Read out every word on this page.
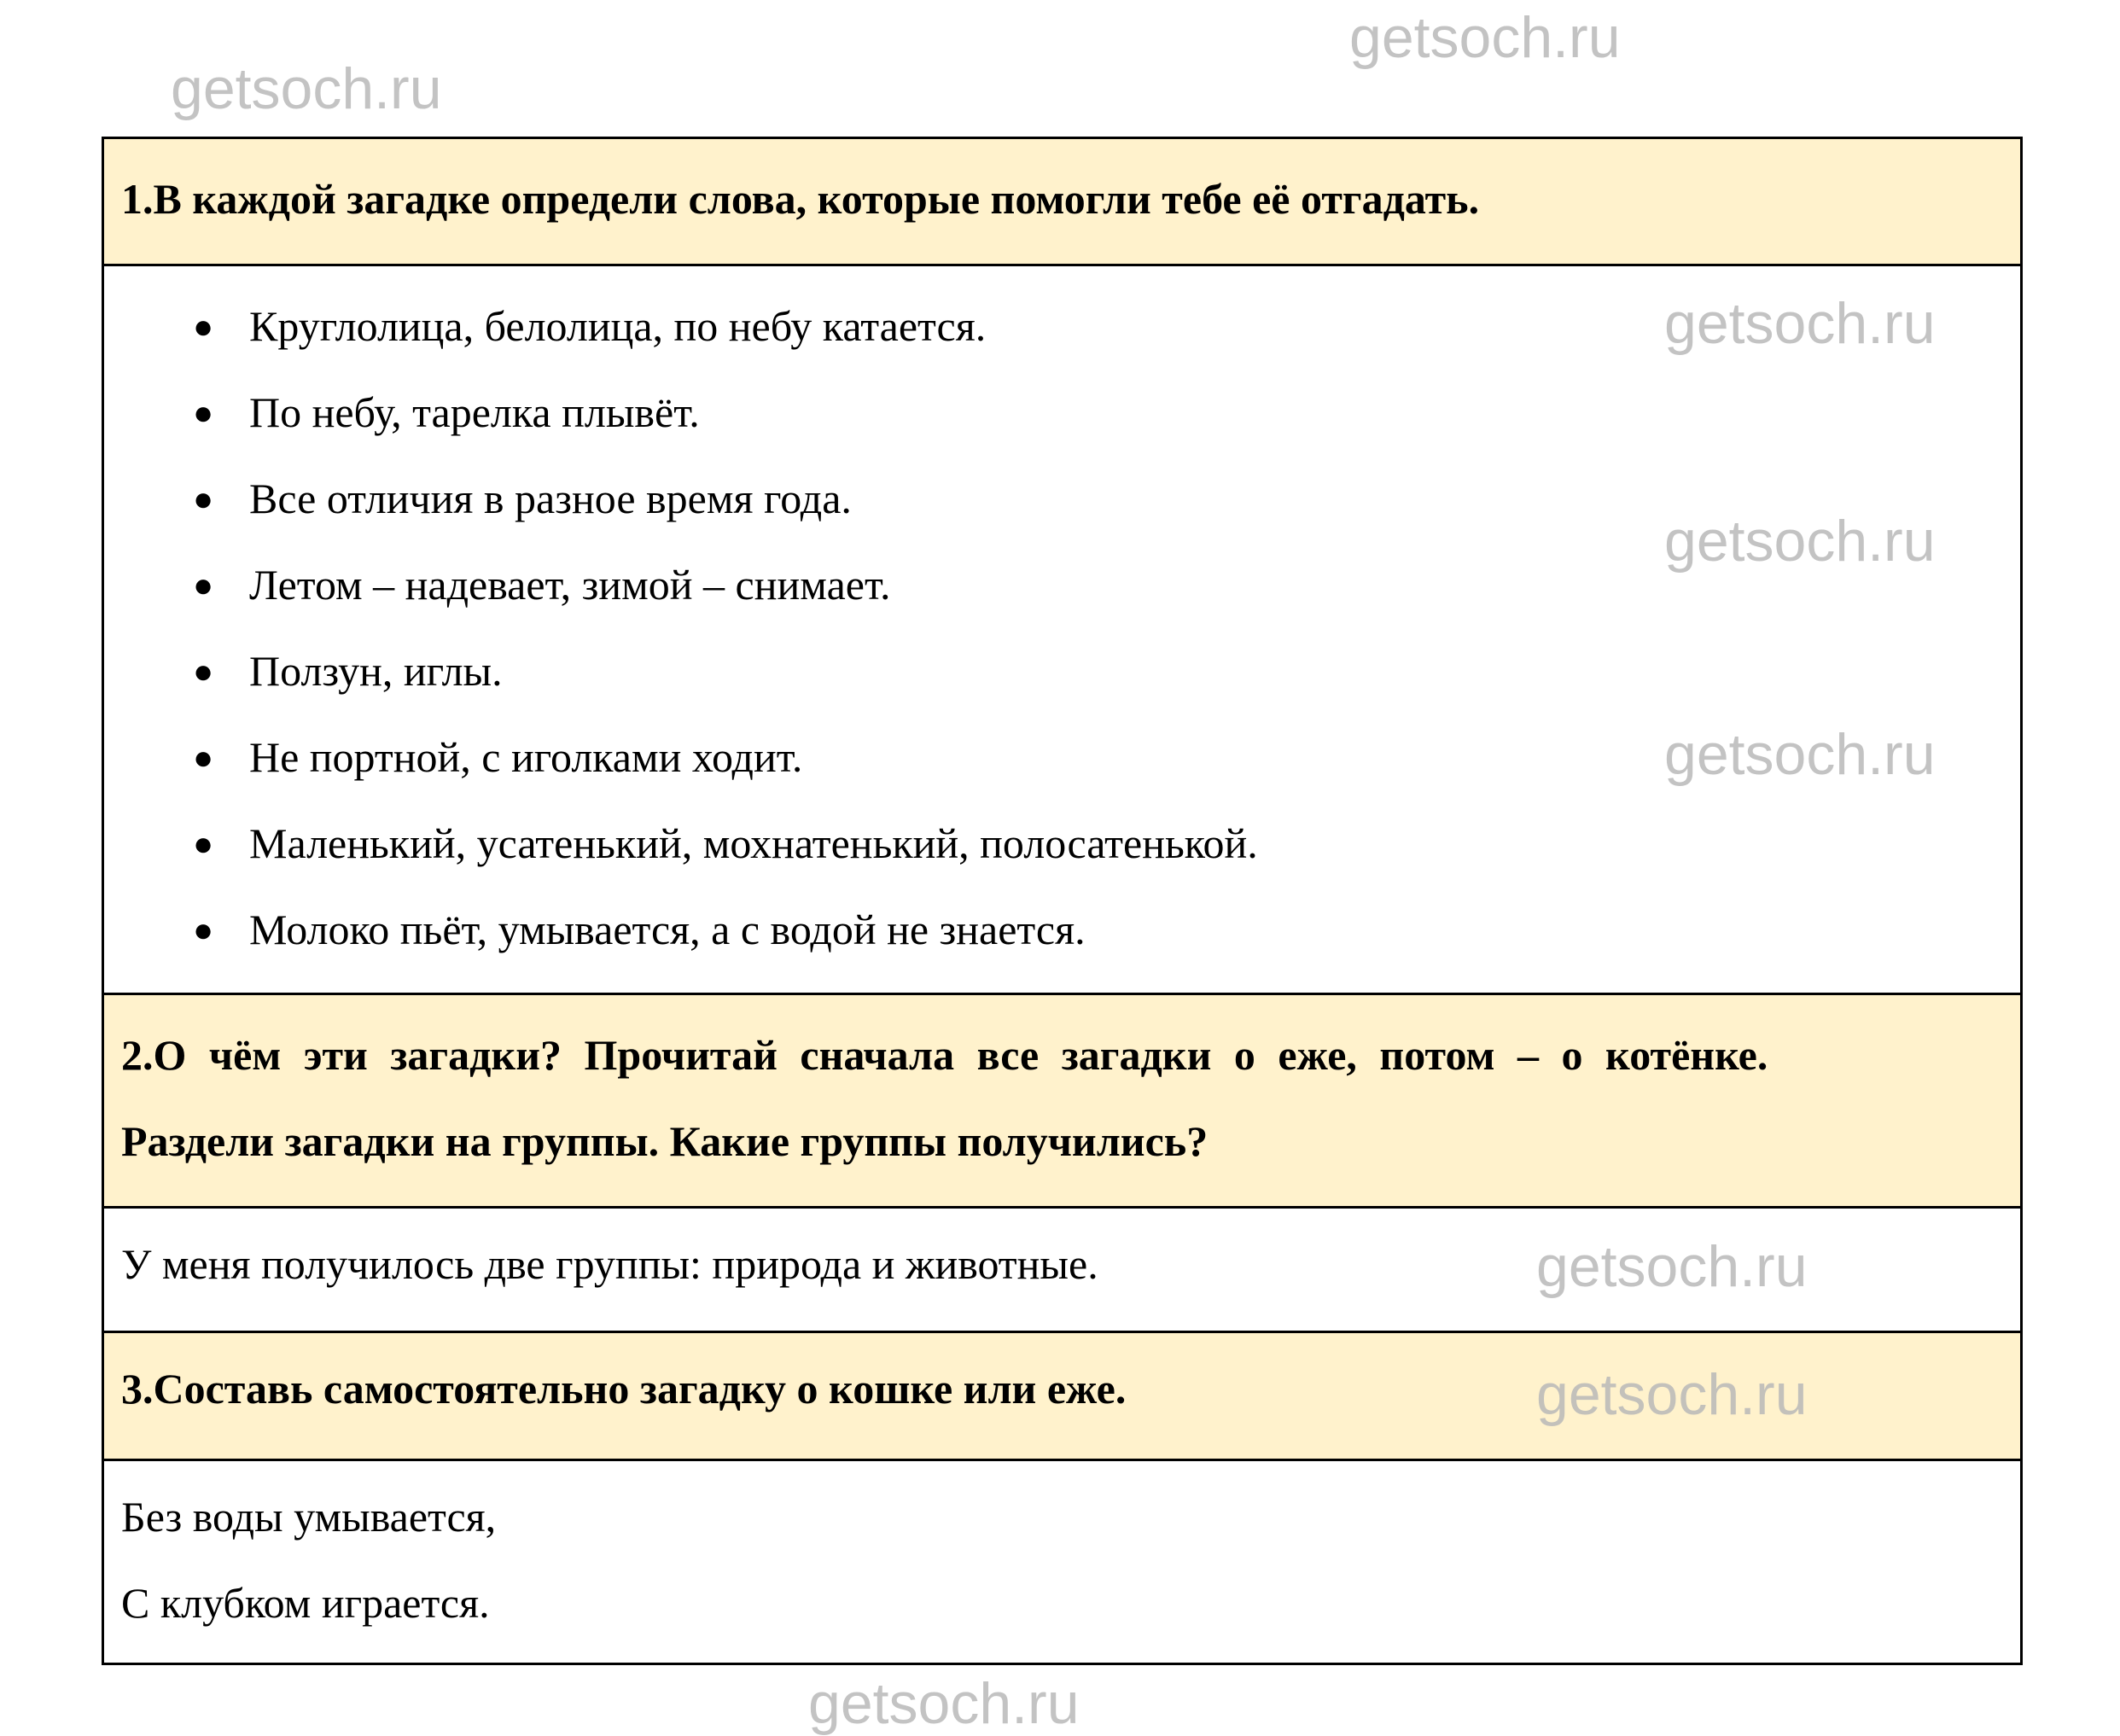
1.В каждой загадке определи слова, которые помогли тебе её отгадать.
● Круглолица, белолица, по небу катается.
● По небу, тарелка плывёт.
● Все отличия в разное время года.
● Летом – надевает, зимой – снимает.
● Ползун, иглы.
● Не портной, с иголками ходит.
● Маленький, усатенький, мохнатенький, полосатенькой.
● Молоко пьёт, умывается, а с водой не знается.
2.О чём эти загадки? Прочитай сначала все загадки о еже, потом – о котёнке.
Раздели загадки на группы. Какие группы получились?
У меня получилось две группы: природа и животные.
3.Составь самостоятельно загадку о кошке или еже.
Без воды умывается,
С клубком играется.
getsoch.ru
getsoch.ru
getsoch.ru
getsoch.ru
getsoch.ru
getsoch.ru
getsoch.ru
getsoch.ru
